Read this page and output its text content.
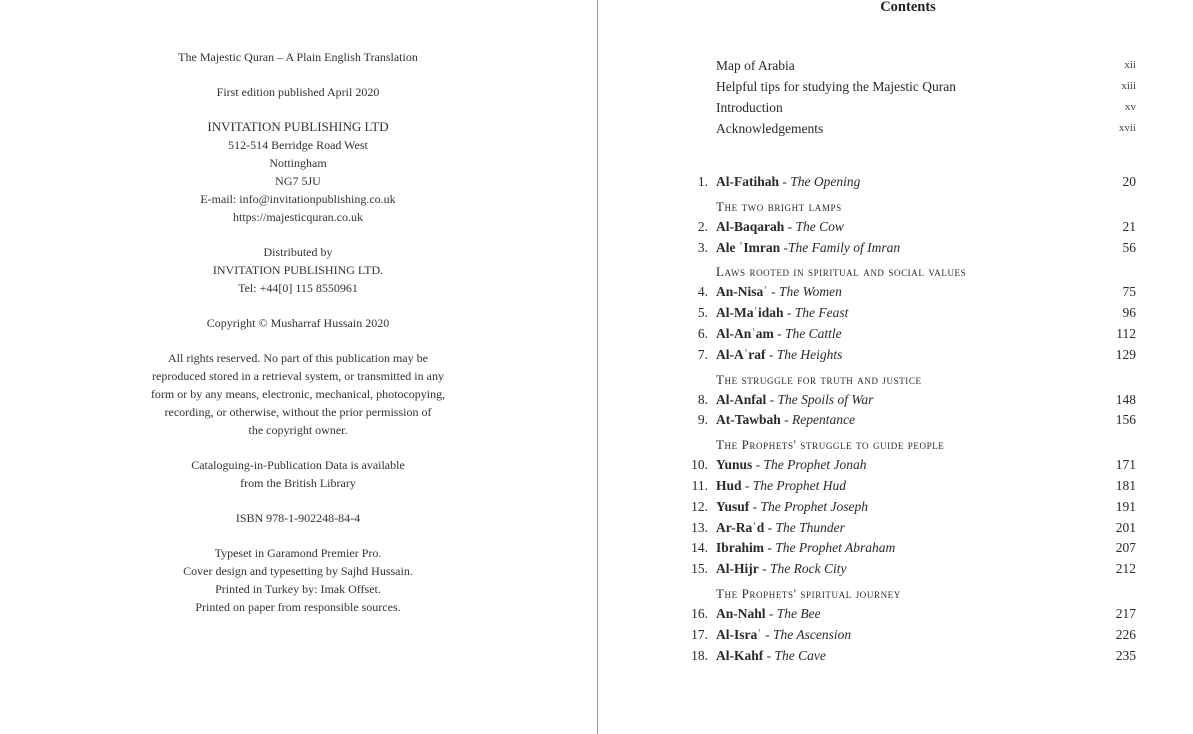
The Majestic Quran – A Plain English Translation
First edition published April 2020
INVITATION PUBLISHING LTD
512-514 Berridge Road West
Nottingham
NG7 5JU
E-mail: info@invitationpublishing.co.uk
https://majesticquran.co.uk
Distributed by
INVITATION PUBLISHING LTD.
Tel: +44[0] 115 8550961
Copyright © Musharraf Hussain 2020
All rights reserved. No part of this publication may be
reproduced stored in a retrieval system, or transmitted in any
form or by any means, electronic, mechanical, photocopying,
recording, or otherwise, without the prior permission of
the copyright owner.
Cataloguing-in-Publication Data is available
from the British Library
ISBN 978-1-902248-84-4
Typeset in Garamond Premier Pro.
Cover design and typesetting by Sajhd Hussain.
Printed in Turkey by: Imak Offset.
Printed on paper from responsible sources.
Contents
Map of Arabia	xii
Helpful tips for studying the Majestic Quran	xiii
Introduction	xv
Acknowledgements	xvii
1. Al-Fatihah - The Opening	20
The two bright lamps
2. Al-Baqarah - The Cow	21
3. Ale ʿImran - The Family of Imran	56
Laws rooted in spiritual and social values
4. An-Nisaʾ - The Women	75
5. Al-Maʾidah - The Feast	96
6. Al-Anʿam - The Cattle	112
7. Al-Aʿraf - The Heights	129
The struggle for truth and justice
8. Al-Anfal - The Spoils of War	148
9. At-Tawbah - Repentance	156
The Prophets' struggle to guide people
10. Yunus - The Prophet Jonah	171
11. Hud - The Prophet Hud	181
12. Yusuf - The Prophet Joseph	191
13. Ar-Raʿd - The Thunder	201
14. Ibrahim - The Prophet Abraham	207
15. Al-Hijr - The Rock City	212
The Prophets' spiritual journey
16. An-Nahl - The Bee	217
17. Al-Israʾ - The Ascension	226
18. Al-Kahf - The Cave	235
